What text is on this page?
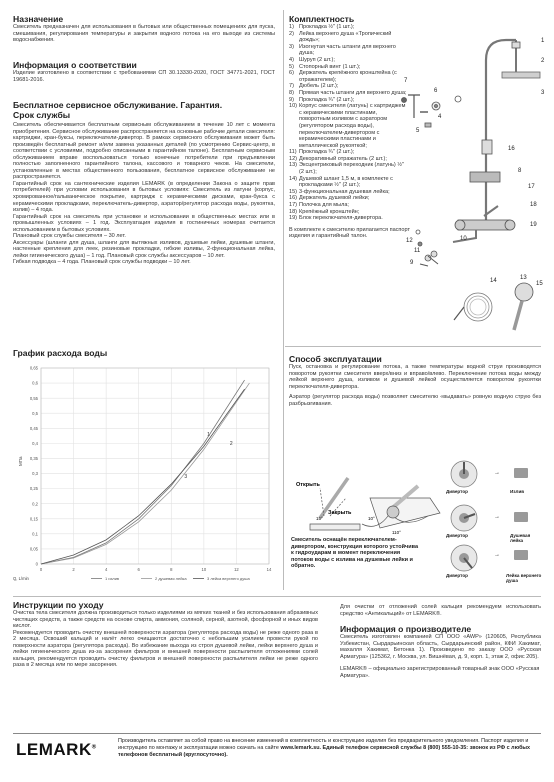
Назначение

Смеситель предназначен для использования в бытовых или общественных помещениях для пуска, смешивания, регулирования температуры и закрытия водного потока на его выходе из системы водоснабжения.

Информация о соответствии

Изделие изготовлено в соответствии с требованиями СП 30.13330-2020, ГОСТ 34771-2021, ГОСТ 19681-2016.

Бесплатное сервисное обслуживание. Гарантия. Срок службы

Смеситель обеспечивается бесплатным сервисным обслуживанием в течение 10 лет с момента приобретения. Сервисное обслуживание распространяется на основные рабочие детали смесителя: картриджи, кран-буксы, переключатели-дивертор. В рамках сервисного обслуживания может быть произведён бесплатный ремонт и/или замена указанных деталей (по усмотрению Сервис-центр, в соответствии с условиями, подробно описанными в гарантийном талоне). Бесплатным сервисным обслуживанием вправе воспользоваться только конечные потребители при предъявлении полностью заполненного гарантийного талона, кассового и товарного чеков. На смесители, установленные в местах общественного пользования, бесплатное сервисное обслуживание не распространяется.

Гарантийный срок на сантехнические изделия LEMARK (в определении Закона о защите прав потребителей) при условии использования в бытовых условиях: Смеситель из латуни (корпус, хромированное/гальваническое покрытие, картридж с керамическими дисками, кран-букса с керамическими прокладками, переключатель-дивертор, аэратор/регулятор расхода воды, рукоятка, излив) – 4 года.

Гарантийный срок на смеситель при установке и использовании в общественных местах или в промышленных условиях – 1 год. Эксплуатация изделия в гостиничных номерах считается использованием в бытовых условиях.

Плановый срок службы смесителя – 30 лет.

Аксессуары (шланги для душа, шланги для вытяжных изливов, душевые лейки, душевые штанги, настенные крепления для леек, резиновые прокладки, гибкие изливы, 2-функциональная лейка, лейки гигиенического душа) – 1 год. Плановый срок службы аксессуаров – 10 лет.

Гибкая подводка – 4 года. Плановый срок службы подводки – 10 лет.

График расхода воды
0
0,05
0,1
0,15
0,2
0,25
0,3
0,35
0,4
0,45
0,5
0,55
0,6
0,65
0	2	4	6	8	10	12	14
МПа
Q, L/min
1
2
3
1 излив	2 душевая лейка	3 лейка верхнего душа
Комплектность
1) Прокладка ½" (1 шт.);
2) Лейка верхнего душа «Тропический дождь»;
3) Изогнутая часть штанги для верхнего душа;
4) Шуруп (2 шт.);
5) Стопорный винт (1 шт.);
6) Держатель крепёжного кронштейна (с отражателем);
7) Дюбель (2 шт.);
8) Прямая часть штанги для верхнего душа;
9) Прокладка ¾" (2 шт.);
10) Корпус смесителя (латунь) с картриджем с керамическими пластинами, поворотным изливом с аэратором (регулятором расхода воды), переключателем-дивертором с керамическими пластинами и металлической рукояткой;
11) Прокладка ¾" (2 шт.);
12) Декоративный отражатель (2 шт.);
13) Эксцентриковый переходник (латунь) ½" (2 шт.);
14) Душевой шланг 1,5 м, в комплекте с прокладками ½" (2 шт.);
15) 3-функциональная душевая лейка;
16) Держатель душевой лейки;
17) Полочка для мыла;
18) Крепёжный кронштейн;
19) Блок переключателя-дивертора.

В комплекте к смесителю прилагается паспорт изделия и гарантийный талон.

7
6
4
5
1
2
3
16
8
17
18
19
9
11
12
13
14	15
10
Способ эксплуатации

Пуск, остановка и регулирование потока, а также температуры водной струи производятся поворотом рукоятки смесителя вверх/вниз и вправо/влево. Переключение потока воды между лейкой верхнего душа, изливом и душевой лейкой осуществляется поворотом рукоятки переключателя-дивертора.

Аэратор (регулятор расхода воды) позволяет смесителю «выдавать» ровную водную струю без разбрызгивания.

Открыть
Закрыть
15°
110°
10°

Смеситель оснащён переключателем-дивертором, конструкция которого устойчива к гидроударам в момент переключения потоков воды с излива на душевые лейки и обратно.

Дивертор	Излив
→
Дивертор	Душевая лейка
→
Дивертор	Лейка верхнего душа
→
Инструкции по уходу

Очистка тела смесителя должна производиться только изделиями из мягких тканей и без использования абразивных чистящих средств, а также средств на основе спирта, аммония, соляной, серной, азотной, фосфорной и иных видов кислот.

Рекомендуется проводить очистку внешней поверхности аэратора (регулятора расхода воды) не реже одного раза в 2 месяца. Освоший кальций и налёт легко очищаются достаточно с небольшим усилием провести рукой по поверхности аэратора (регулятора расхода). Во избежание выхода из строя душевой лейки, лейки верхнего душа и лейки гигиенического душа из-за засорения фильтров и внешней поверхности распылителя отложениями солей кальция, рекомендуется проводить очистку фильтров и внешней поверхности распылителя лейки не реже одного раза в 2 месяца или по мере засорения.

Для очистки от отложений солей кальция рекомендуем использовать средство «Антикальций» от LEMARK®.

Информация о производителе

Смеситель изготовлен компанией СП ООО «AWP» (120605, Республика Узбекистан, Сырдарьинская область, Сырдарьинский район, КФИ Хакимат, махалля Хакимат, Бетонка 1). Произведено по заказу ООО «Русская Арматура» (125362, г. Москва, ул. Вишнёвая, д. 9, корп. 1, этаж 2, офис 205).

LEMARK® – официально зарегистрированный товарный знак ООО «Русская Арматура».

LEMARK®

Производитель оставляет за собой право на внесение изменений в комплектность и конструкцию изделия без предварительного уведомления. Паспорт изделия и инструкцию по монтажу и эксплуатации можно скачать на сайте www.lemark.su. Единый телефон сервисной службы 8 (800) 555-10-35: звонок из РФ с любых телефонов бесплатный (круглосуточно).
